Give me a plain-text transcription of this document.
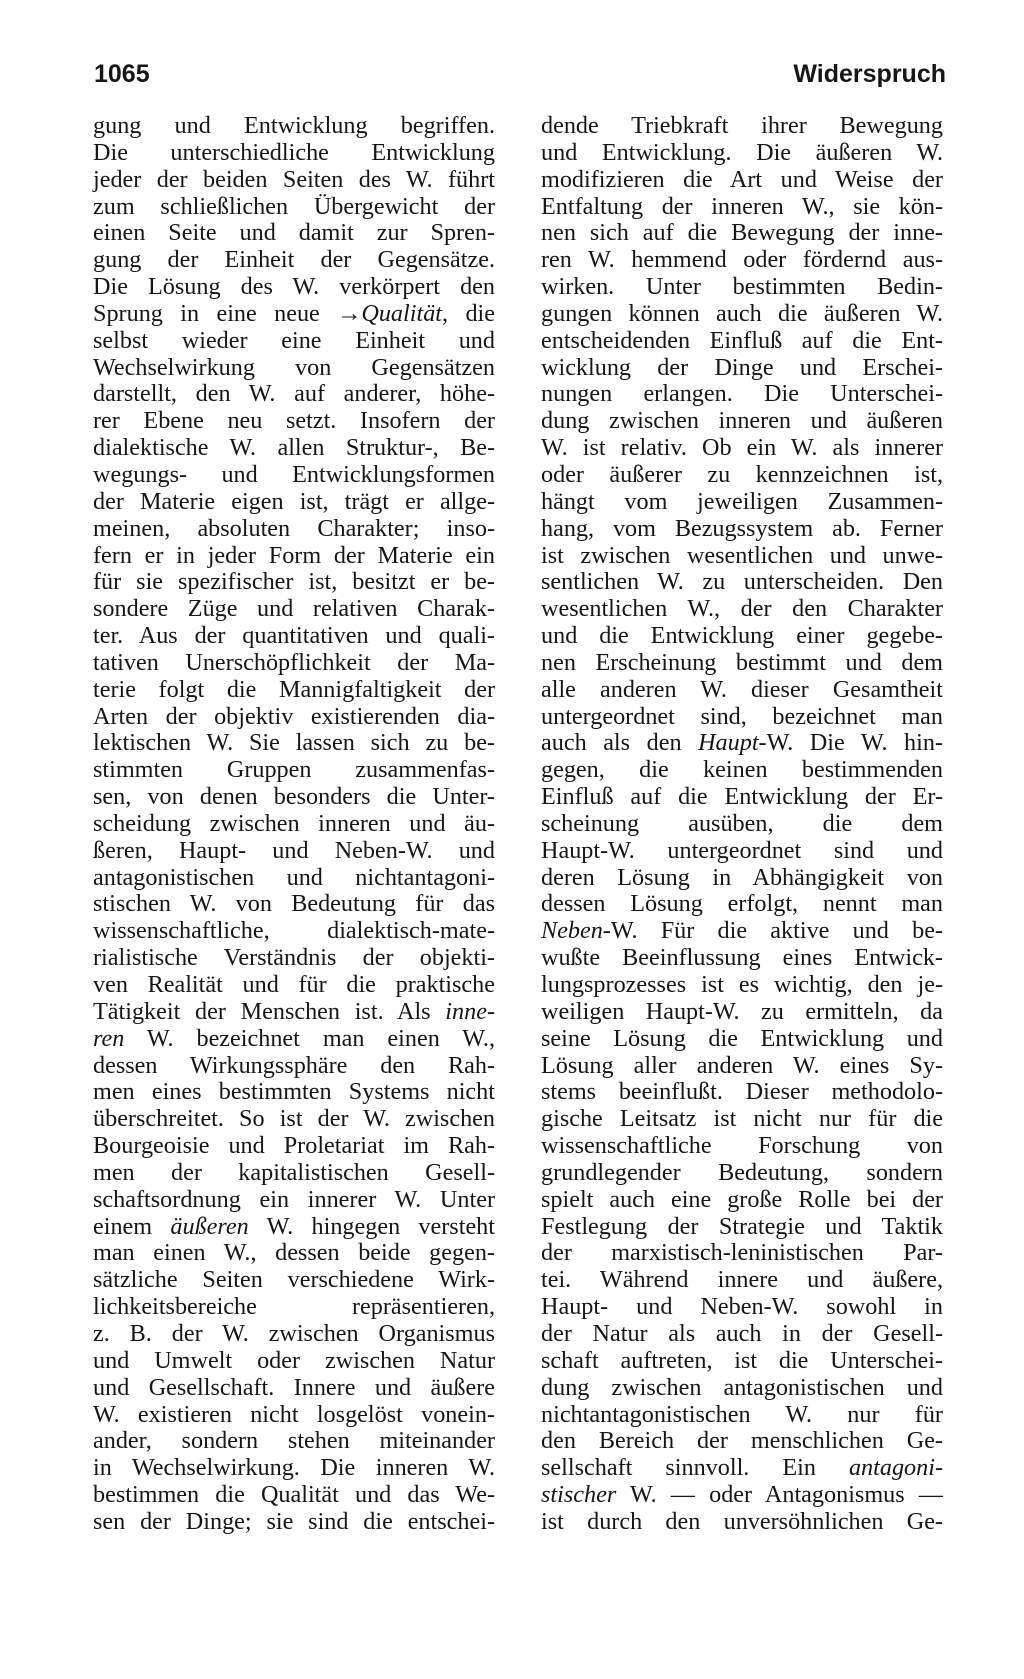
1065	Widerspruch
gung und Entwicklung begriffen.
Die unterschiedliche Entwicklung
jeder der beiden Seiten des W. führt
zum schließlichen Übergewicht der
einen Seite und damit zur Spren-
gung der Einheit der Gegensätze.
Die Lösung des W. verkörpert den
Sprung in eine neue →Qualität, die
selbst wieder eine Einheit und
Wechselwirkung von Gegensätzen
darstellt, den W. auf anderer, höhe-
rer Ebene neu setzt. Insofern der
dialektische W. allen Struktur-, Be-
wegungs- und Entwicklungsformen
der Materie eigen ist, trägt er allge-
meinen, absoluten Charakter; inso-
fern er in jeder Form der Materie ein
für sie spezifischer ist, besitzt er be-
sondere Züge und relativen Charak-
ter. Aus der quantitativen und quali-
tativen Unerschöpflichkeit der Ma-
terie folgt die Mannigfaltigkeit der
Arten der objektiv existierenden dia-
lektischen W. Sie lassen sich zu be-
stimmten Gruppen zusammenfas-
sen, von denen besonders die Unter-
scheidung zwischen inneren und äu-
ßeren, Haupt- und Neben-W. und
antagonistischen und nichtantagoni-
stischen W. von Bedeutung für das
wissenschaftliche, dialektisch-mate-
rialistische Verständnis der objekti-
ven Realität und für die praktische
Tätigkeit der Menschen ist. Als inne-
ren W. bezeichnet man einen W.,
dessen Wirkungssphäre den Rah-
men eines bestimmten Systems nicht
überschreitet. So ist der W. zwischen
Bourgeoisie und Proletariat im Rah-
men der kapitalistischen Gesell-
schaftsordnung ein innerer W. Unter
einem äußeren W. hingegen versteht
man einen W., dessen beide gegen-
sätzliche Seiten verschiedene Wirk-
lichkeitsbereiche repräsentieren,
z. B. der W. zwischen Organismus
und Umwelt oder zwischen Natur
und Gesellschaft. Innere und äußere
W. existieren nicht losgelöst vonein-
ander, sondern stehen miteinander
in Wechselwirkung. Die inneren W.
bestimmen die Qualität und das We-
sen der Dinge; sie sind die entschei-
dende Triebkraft ihrer Bewegung
und Entwicklung. Die äußeren W.
modifizieren die Art und Weise der
Entfaltung der inneren W., sie kön-
nen sich auf die Bewegung der inne-
ren W. hemmend oder fördernd aus-
wirken. Unter bestimmten Bedin-
gungen können auch die äußeren W.
entscheidenden Einfluß auf die Ent-
wicklung der Dinge und Erschei-
nungen erlangen. Die Unterschei-
dung zwischen inneren und äußeren
W. ist relativ. Ob ein W. als innerer
oder äußerer zu kennzeichnen ist,
hängt vom jeweiligen Zusammen-
hang, vom Bezugssystem ab. Ferner
ist zwischen wesentlichen und unwe-
sentlichen W. zu unterscheiden. Den
wesentlichen W., der den Charakter
und die Entwicklung einer gegebe-
nen Erscheinung bestimmt und dem
alle anderen W. dieser Gesamtheit
untergeordnet sind, bezeichnet man
auch als den Haupt-W. Die W. hin-
gegen, die keinen bestimmenden
Einfluß auf die Entwicklung der Er-
scheinung ausüben, die dem
Haupt-W. untergeordnet sind und
deren Lösung in Abhängigkeit von
dessen Lösung erfolgt, nennt man
Neben-W. Für die aktive und be-
wußte Beeinflussung eines Entwick-
lungsprozesses ist es wichtig, den je-
weiligen Haupt-W. zu ermitteln, da
seine Lösung die Entwicklung und
Lösung aller anderen W. eines Sy-
stems beeinflußt. Dieser methodolo-
gische Leitsatz ist nicht nur für die
wissenschaftliche Forschung von
grundlegender Bedeutung, sondern
spielt auch eine große Rolle bei der
Festlegung der Strategie und Taktik
der marxistisch-leninistischen Par-
tei. Während innere und äußere,
Haupt- und Neben-W. sowohl in
der Natur als auch in der Gesell-
schaft auftreten, ist die Unterschei-
dung zwischen antagonistischen und
nichtantagonistischen W. nur für
den Bereich der menschlichen Ge-
sellschaft sinnvoll. Ein antagoni-
stischer W. — oder Antagonismus —
ist durch den unversöhnlichen Ge-
